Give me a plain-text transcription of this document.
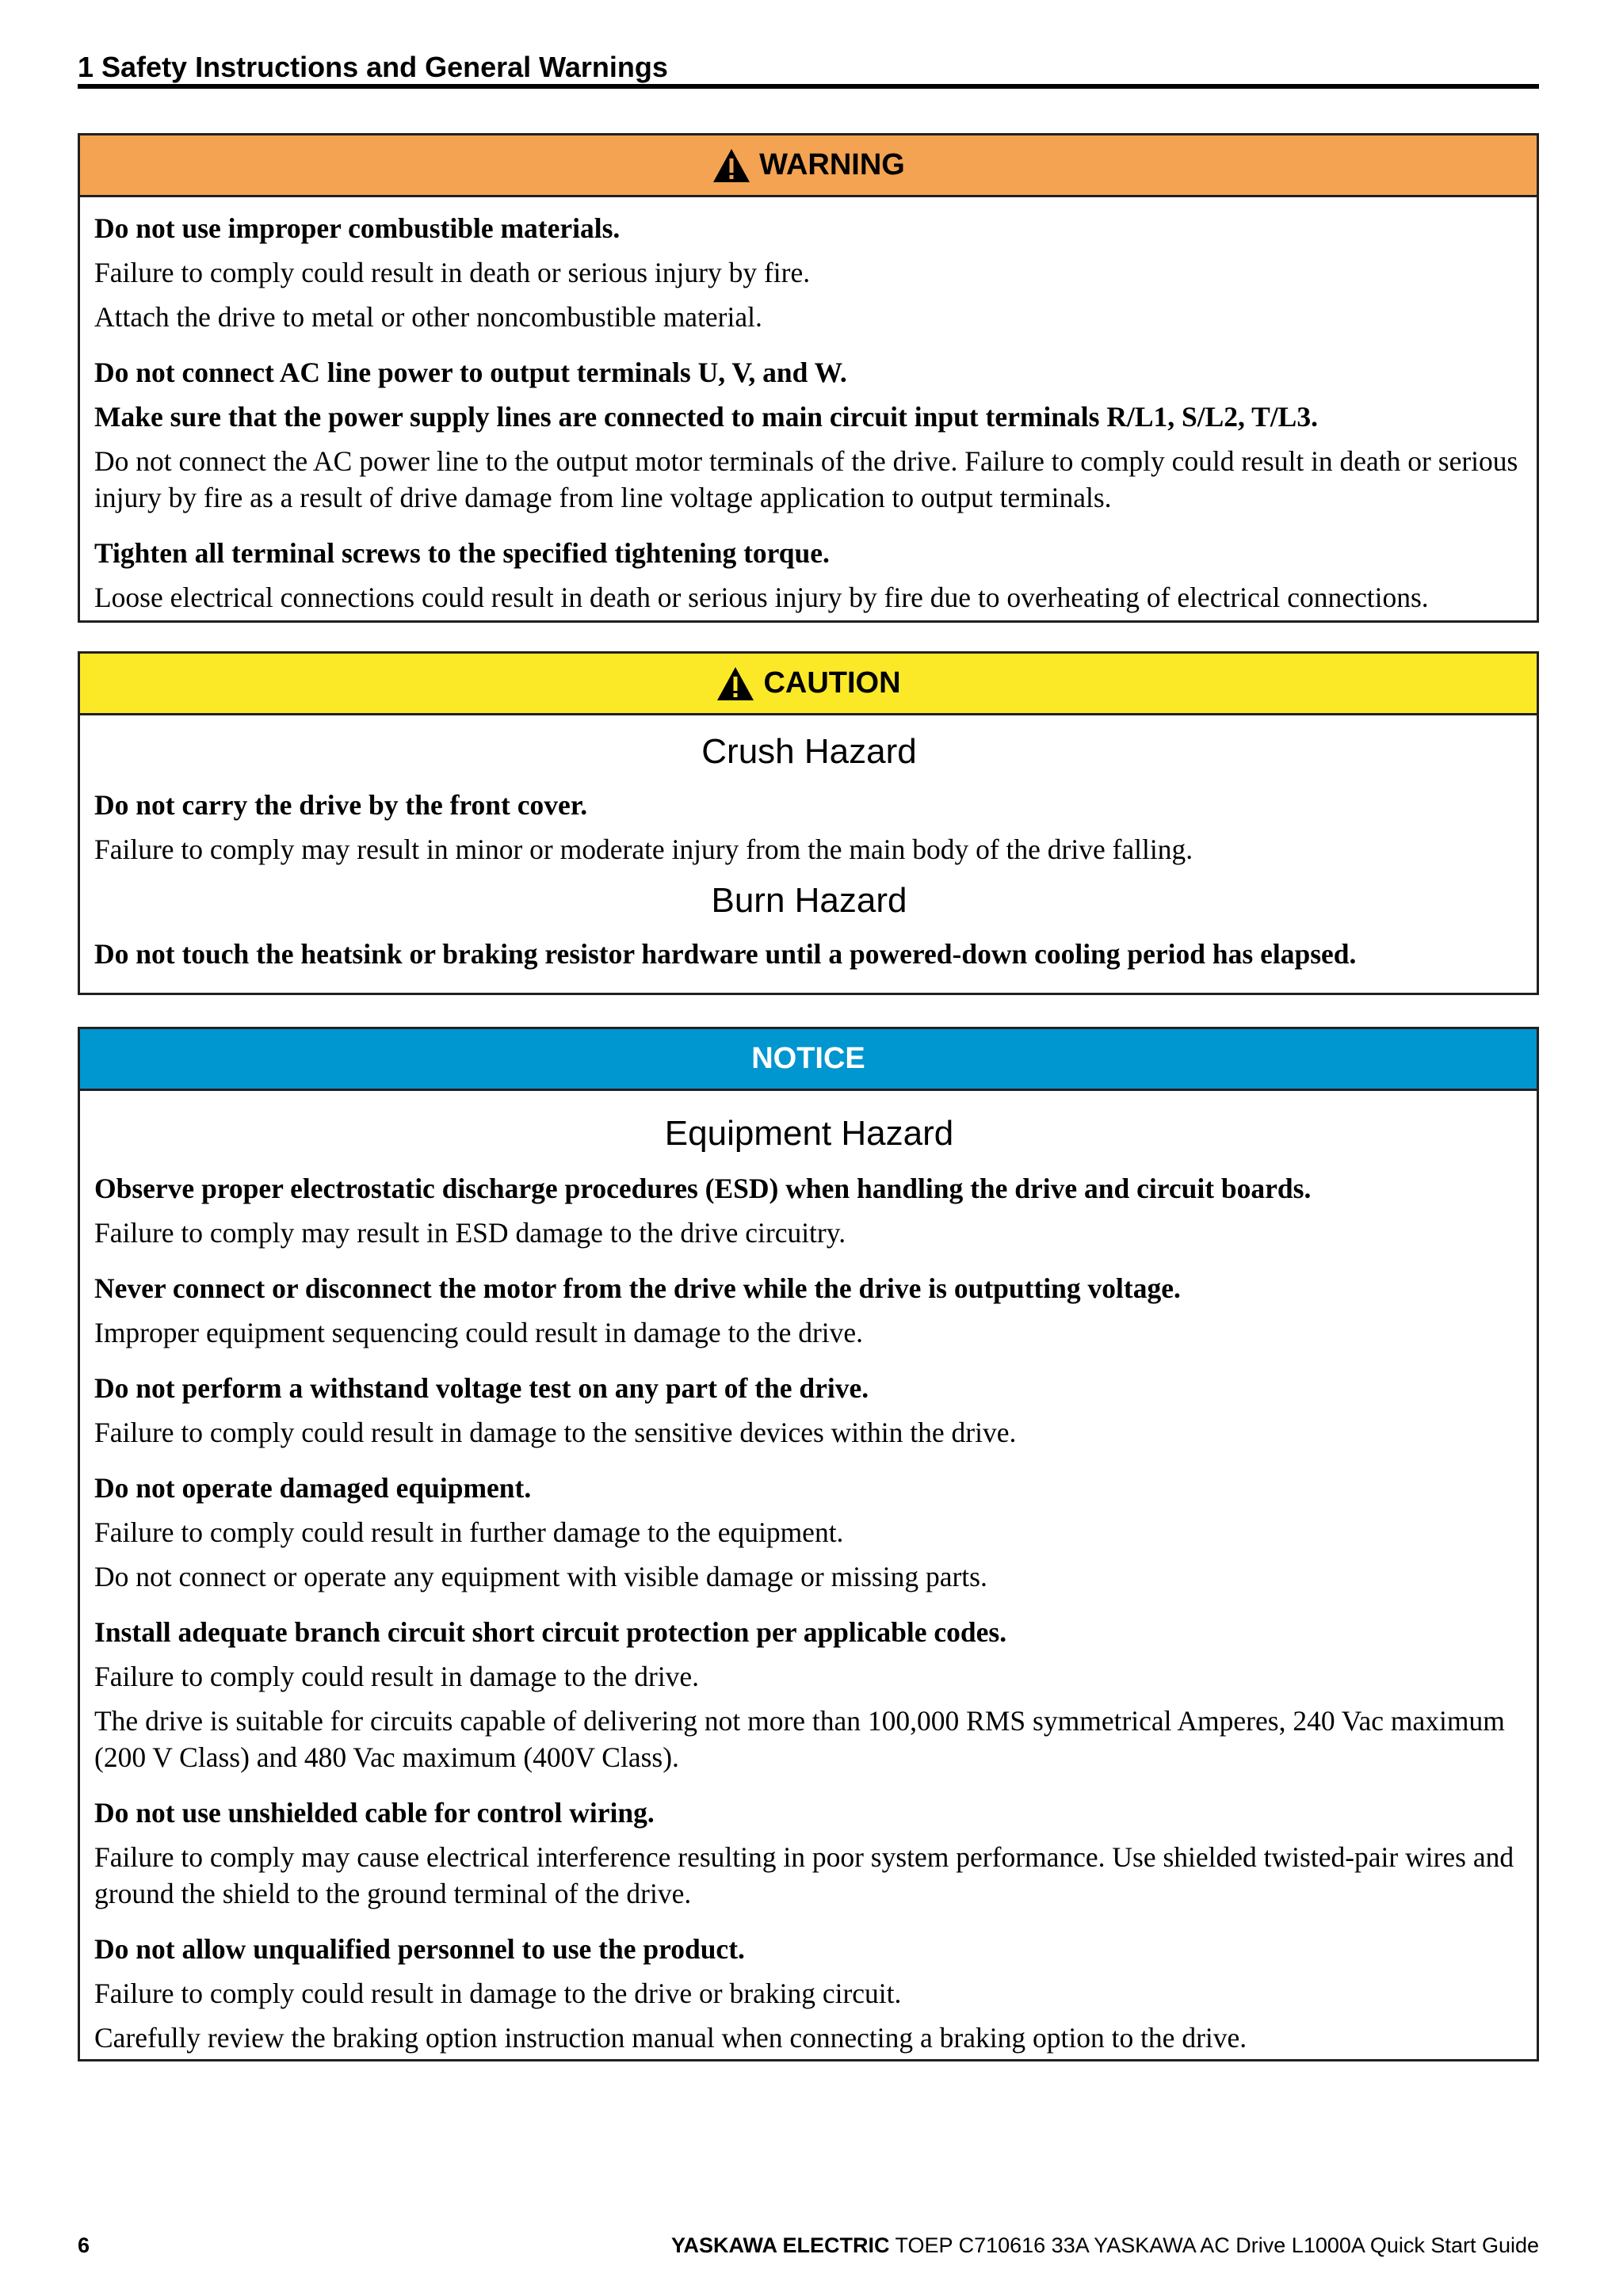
1 Safety Instructions and General Warnings
WARNING

Do not use improper combustible materials.

Failure to comply could result in death or serious injury by fire.

Attach the drive to metal or other noncombustible material.

Do not connect AC line power to output terminals U, V, and W.

Make sure that the power supply lines are connected to main circuit input terminals R/L1, S/L2, T/L3.

Do not connect the AC power line to the output motor terminals of the drive. Failure to comply could result in death or serious injury by fire as a result of drive damage from line voltage application to output terminals.

Tighten all terminal screws to the specified tightening torque.

Loose electrical connections could result in death or serious injury by fire due to overheating of electrical connections.

CAUTION
Crush Hazard

Do not carry the drive by the front cover.

Failure to comply may result in minor or moderate injury from the main body of the drive falling.

Burn Hazard

Do not touch the heatsink or braking resistor hardware until a powered-down cooling period has elapsed.

NOTICE
Equipment Hazard

Observe proper electrostatic discharge procedures (ESD) when handling the drive and circuit boards.

Failure to comply may result in ESD damage to the drive circuitry.

Never connect or disconnect the motor from the drive while the drive is outputting voltage.

Improper equipment sequencing could result in damage to the drive.

Do not perform a withstand voltage test on any part of the drive.

Failure to comply could result in damage to the sensitive devices within the drive.

Do not operate damaged equipment.

Failure to comply could result in further damage to the equipment.

Do not connect or operate any equipment with visible damage or missing parts.

Install adequate branch circuit short circuit protection per applicable codes.

Failure to comply could result in damage to the drive.

The drive is suitable for circuits capable of delivering not more than 100,000 RMS symmetrical Amperes, 240 Vac maximum (200 V Class) and 480 Vac maximum (400V Class).

Do not use unshielded cable for control wiring.

Failure to comply may cause electrical interference resulting in poor system performance. Use shielded twisted-pair wires and ground the shield to the ground terminal of the drive.

Do not allow unqualified personnel to use the product.

Failure to comply could result in damage to the drive or braking circuit.

Carefully review the braking option instruction manual when connecting a braking option to the drive.

6	YASKAWA ELECTRIC TOEP C710616 33A YASKAWA AC Drive L1000A Quick Start Guide
